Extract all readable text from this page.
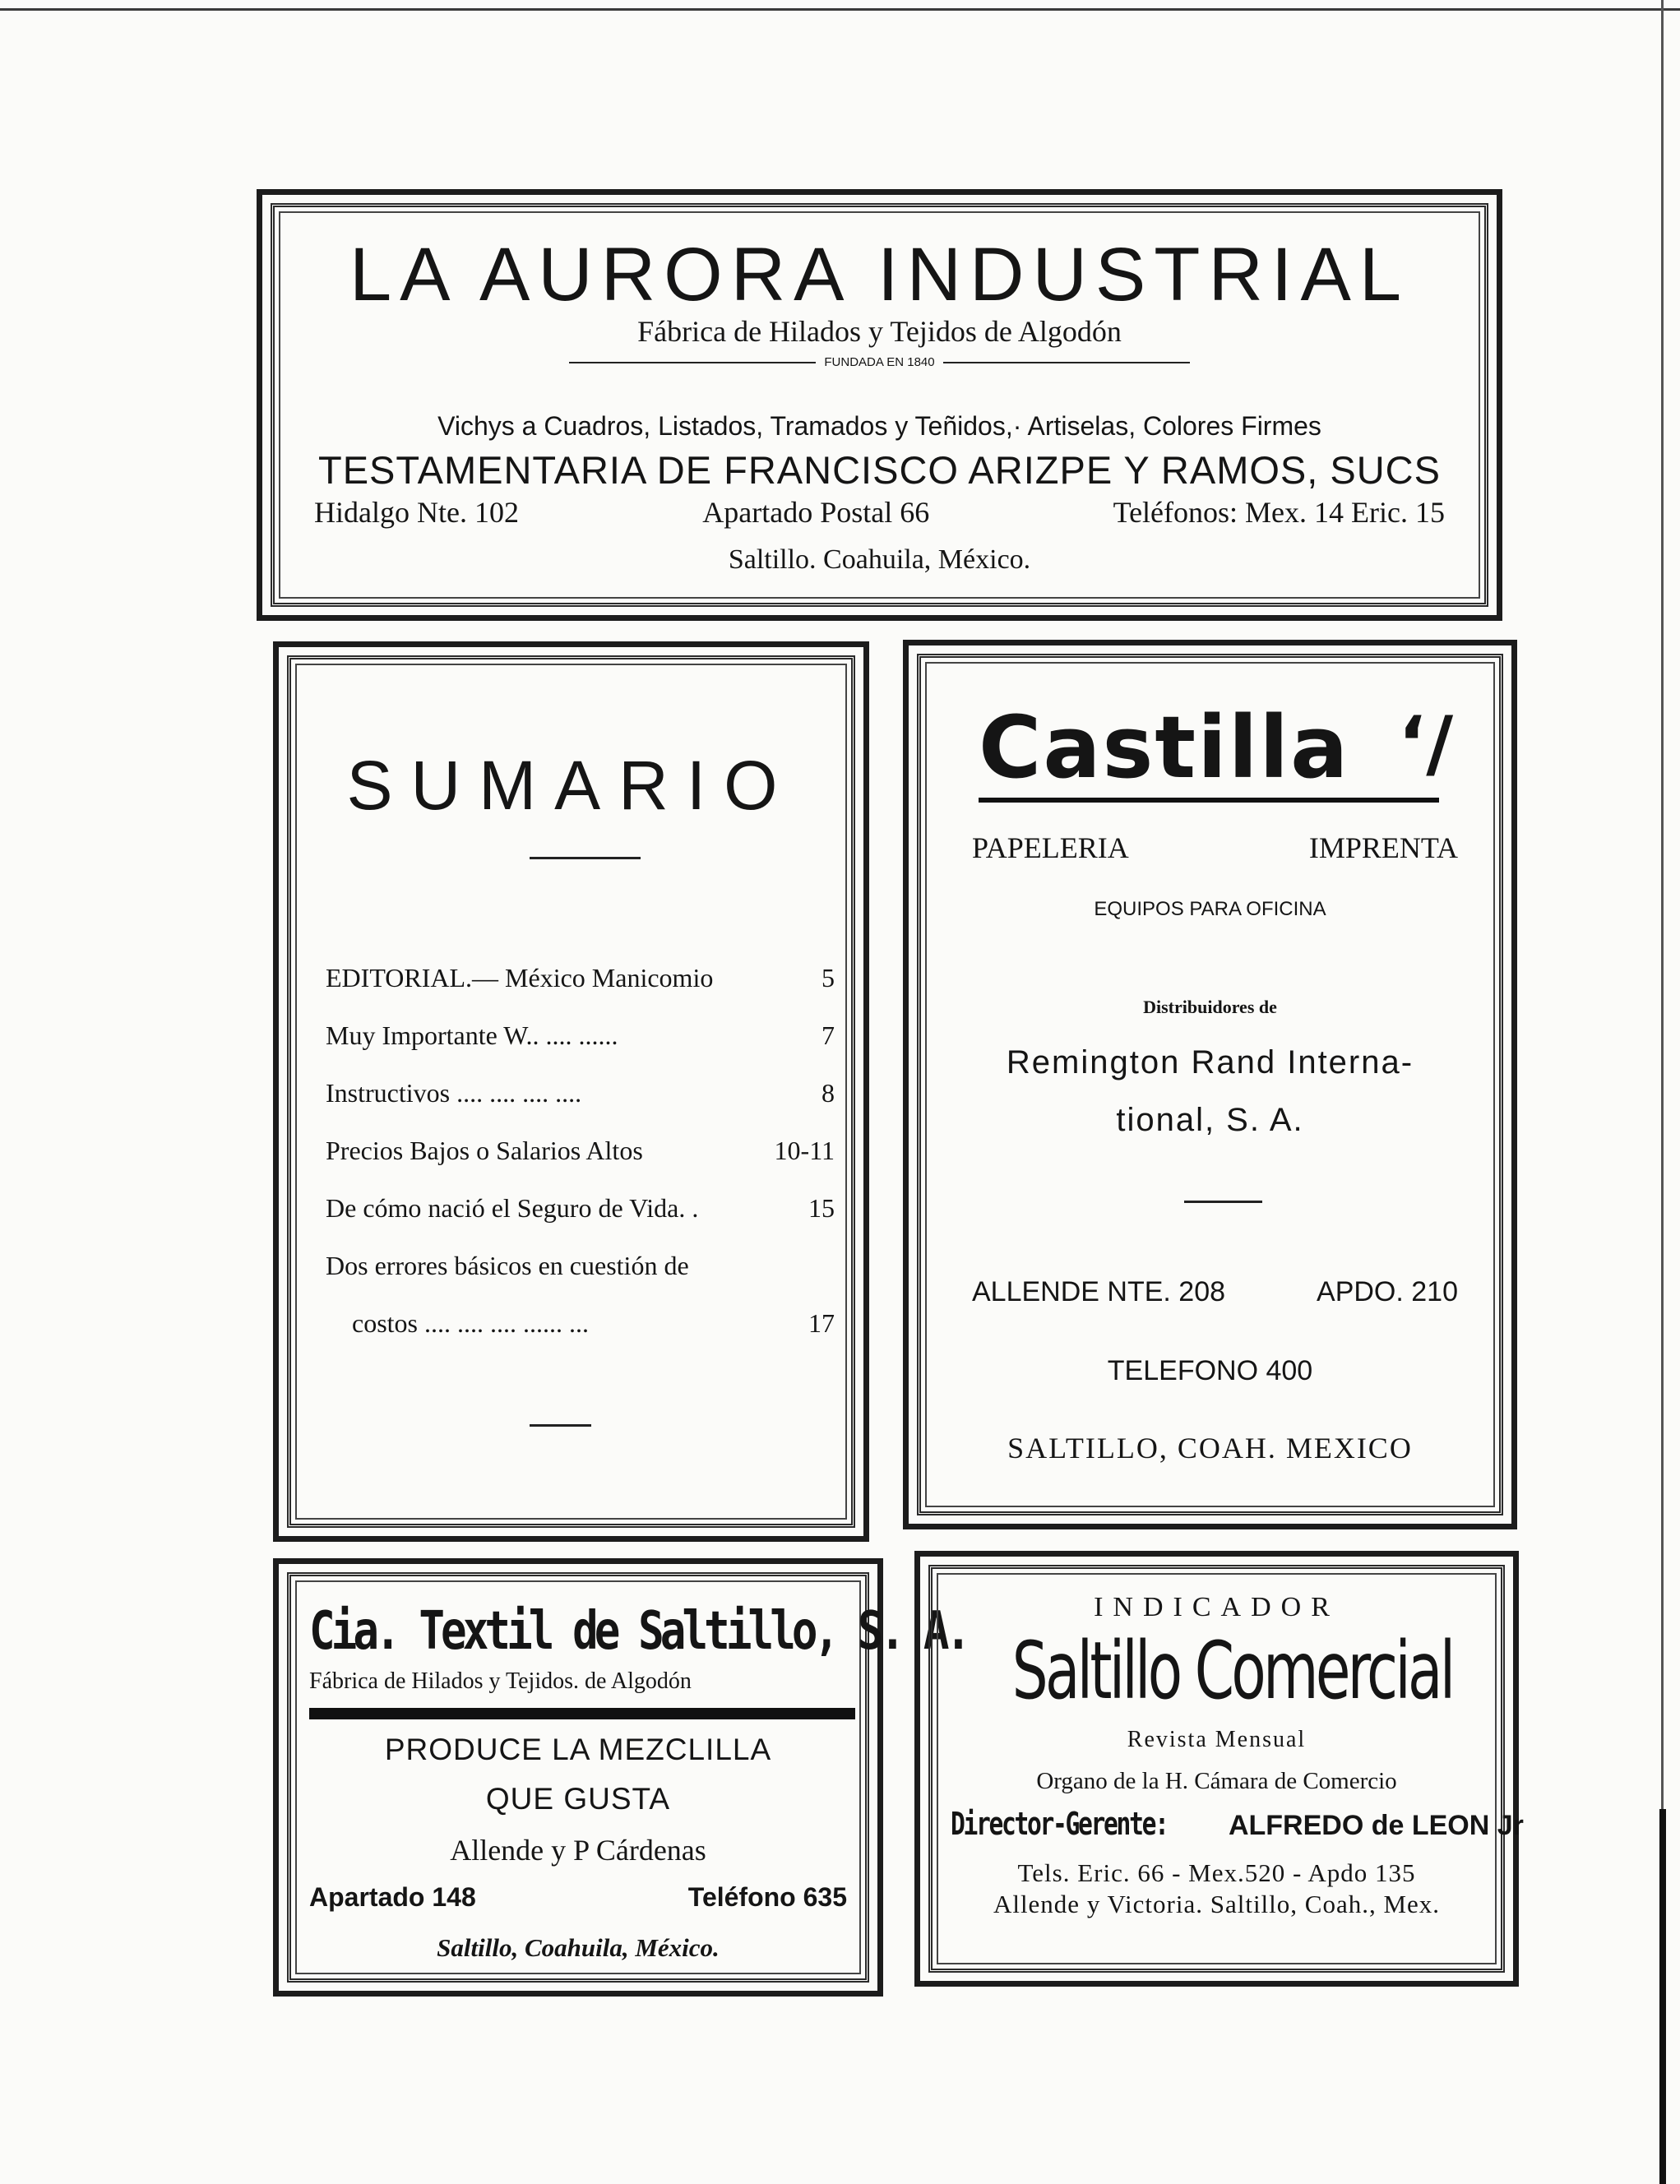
LA AURORA INDUSTRIAL
Fábrica de Hilados y Tejidos de Algodón
FUNDADA EN 1840
Vichys a Cuadros, Listados, Tramados y Teñidos,· Artiselas, Colores Firmes
TESTAMENTARIA DE FRANCISCO ARIZPE Y RAMOS, SUCS
Hidalgo Nte. 102	Apartado Postal 66	Teléfonos: Mex. 14 Eric. 15
Saltillo. Coahuila, México.
SUMARIO
EDITORIAL.— México Manicomio	5
Muy Importante W.. .... ......	7
Instructivos .... .... .... ....	8
Precios Bajos o Salarios Altos	10-11
De cómo nació el Seguro de Vida. .	15
Dos errores básicos en cuestión de
costos .... .... .... ...... ...	17
Castilla ‘/
PAPELERIA	IMPRENTA
EQUIPOS PARA OFICINA
Distribuidores de
Remington Rand Interna-
tional, S. A.
ALLENDE NTE. 208	APDO. 210
TELEFONO 400
SALTILLO, COAH. MEXICO
Cia. Textil de Saltillo, S. A.
Fábrica de Hilados y Tejidos. de Algodón
PRODUCE LA MEZCLILLA
QUE GUSTA
Allende y P Cárdenas
Apartado 148	Teléfono 635
Saltillo, Coahuila, México.
INDICADOR
Saltillo Comercial
Revista Mensual
Organo de la H. Cámara de Comercio
Director-Gerente: ALFREDO de LEON Jr
Tels. Eric. 66 - Mex.520 - Apdo 135
Allende y Victoria. Saltillo, Coah., Mex.
